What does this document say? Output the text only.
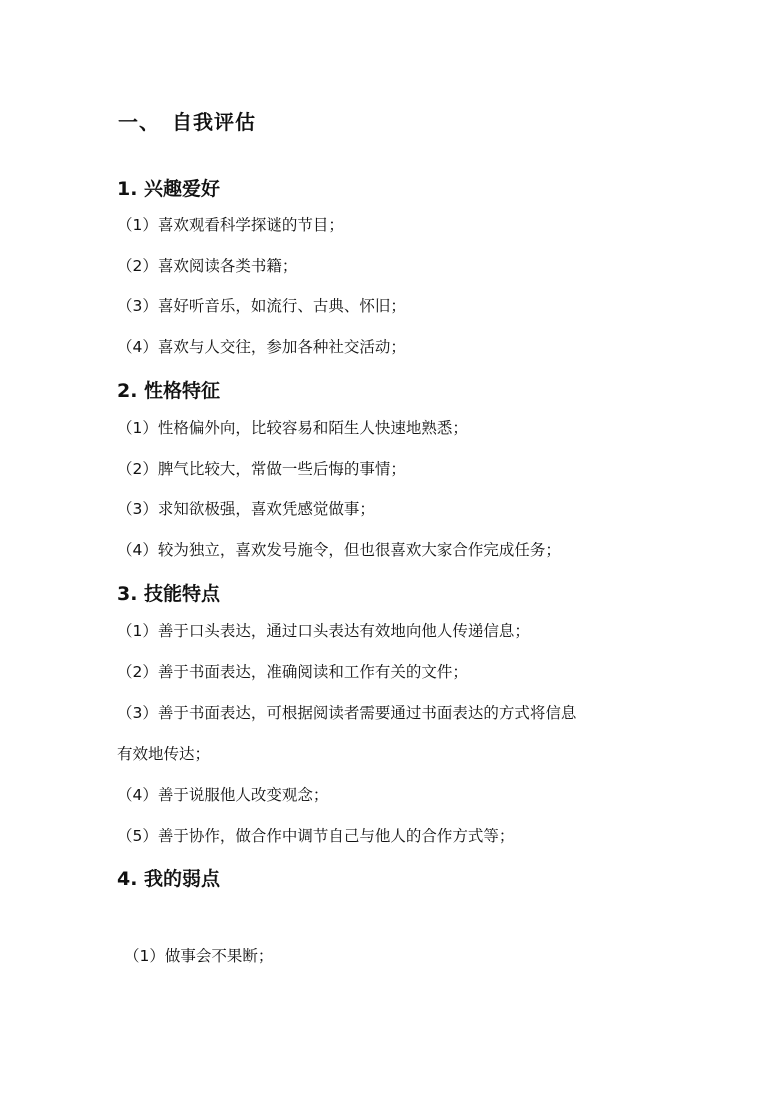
一、 自我评估
1. 兴趣爱好
（1）喜欢观看科学探谜的节目；
（2）喜欢阅读各类书籍；
（3）喜好听音乐，如流行、古典、怀旧；
（4）喜欢与人交往，参加各种社交活动；
2. 性格特征
（1）性格偏外向，比较容易和陌生人快速地熟悉；
（2）脾气比较大，常做一些后悔的事情；
（3）求知欲极强，喜欢凭感觉做事；
（4）较为独立，喜欢发号施令，但也很喜欢大家合作完成任务；
3. 技能特点
（1）善于口头表达，通过口头表达有效地向他人传递信息；
（2）善于书面表达，准确阅读和工作有关的文件；
（3）善于书面表达，可根据阅读者需要通过书面表达的方式将信息
有效地传达；
（4）善于说服他人改变观念；
（5）善于协作，做合作中调节自己与他人的合作方式等；
4. 我的弱点
（1）做事会不果断；
